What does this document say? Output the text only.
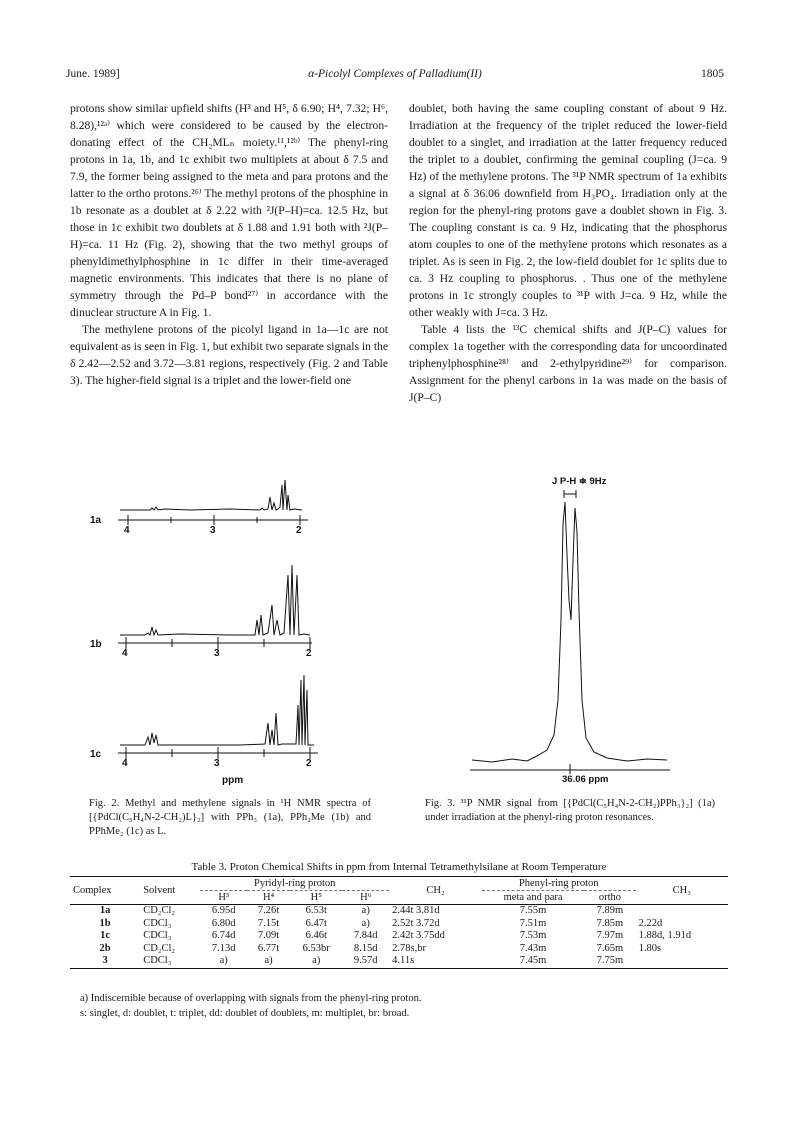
June. 1989]	α-Picolyl Complexes of Palladium(II)	1805

protons show similar upfield shifts (H³ and H⁵, δ 6.90; H⁴, 7.32; H⁶, 8.28),¹²ᵃ⁾ which were considered to be caused by the electron-donating effect of the CH₂MLₙ moiety.¹¹,¹²ᵇ⁾ The phenyl-ring protons in 1a, 1b, and 1c exhibit two multiplets at about δ 7.5 and 7.9, the former being assigned to the meta and para protons and the latter to the ortho protons.²⁶⁾ The methyl protons of the phosphine in 1b resonate as a doublet at δ 2.22 with ²J(P–H)=ca. 12.5 Hz, but those in 1c exhibit two doublets at δ 1.88 and 1.91 both with ²J(P–H)=ca. 11 Hz (Fig. 2), showing that the two methyl groups of phenyldimethylphosphine in 1c differ in their time-averaged magnetic environments. This indicates that there is no plane of symmetry through the Pd–P bond²⁷⁾ in accordance with the dinuclear structure A in Fig. 1.

The methylene protons of the picolyl ligand in 1a—1c are not equivalent as is seen in Fig. 1, but exhibit two separate signals in the δ 2.42—2.52 and 3.72—3.81 regions, respectively (Fig. 2 and Table 3). The higher-field signal is a triplet and the lower-field one

doublet, both having the same coupling constant of about 9 Hz. Irradiation at the frequency of the triplet reduced the lower-field doublet to a singlet, and irradiation at the latter frequency reduced the triplet to a doublet, confirming the geminal coupling (J=ca. 9 Hz) of the methylene protons. The ³¹P NMR spectrum of 1a exhibits a signal at δ 36.06 downfield from H₃PO₄. Irradiation only at the region for the phenyl-ring protons gave a doublet shown in Fig. 3. The coupling constant is ca. 9 Hz, indicating that the phosphorus atom couples to one of the methylene protons which resonates as a triplet. As is seen in Fig. 2, the low-field doublet for 1c splits due to ca. 3 Hz coupling to phosphorus. . Thus one of the methylene protons in 1c strongly couples to ³¹P with J=ca. 9 Hz, while the other weakly with J=ca. 3 Hz.

Table 4 lists the ¹³C chemical shifts and J(P–C) values for complex 1a together with the corresponding data for uncoordinated triphenylphosphine²⁸⁾ and 2-ethylpyridine²⁹⁾ for comparison. Assignment for the phenyl carbons in 1a was made on the basis of J(P–C)

1a
4	3	2
1b
4	3	2
1c
4	3	2
ppm
J P-H ≑ 9Hz
36.06 ppm
Fig. 2. Methyl and methylene signals in ¹H NMR spectra of [{PdCl(C₅H₄N-2-CH₂)L}₂] with PPh₃ (1a), PPh₂Me (1b) and PPhMe₂ (1c) as L.
Fig. 3. ³¹P NMR signal from [{PdCl(C₅H₄N-2-CH₂)PPh₃}₂] (1a) under irradiation at the phenyl-ring proton resonances.
Table 3. Proton Chemical Shifts in ppm from Internal Tetramethylsilane at Room Temperature
Complex	Solvent	Pyridyl-ring proton				CH₂	Phenyl-ring proton		CH₃
		H³	H⁴	H⁵	H⁶		meta and para	ortho	
1a	CD₂Cl₂	6.95d	7.26t	6.53t	a)	2.44t 3.81d	7.55m	7.89m	
1b	CDCl₃	6.80d	7.15t	6.47t	a)	2.52t 3.72d	7.51m	7.85m	2.22d
1c	CDCl₃	6.74d	7.09t	6.46t	7.84d	2.42t 3.75dd	7.53m	7.97m	1.88d, 1.91d
2b	CD₂Cl₂	7.13d	6.77t	6.53br	8.15d	2.78s,br	7.43m	7.65m	1.80s
3	CDCl₃	a)	a)	a)	9.57d	4.11s	7.45m	7.75m	
a) Indiscernible because of overlapping with signals from the phenyl-ring proton.
s: singlet, d: doublet, t: triplet, dd: doublet of doublets, m: multiplet, br: broad.
